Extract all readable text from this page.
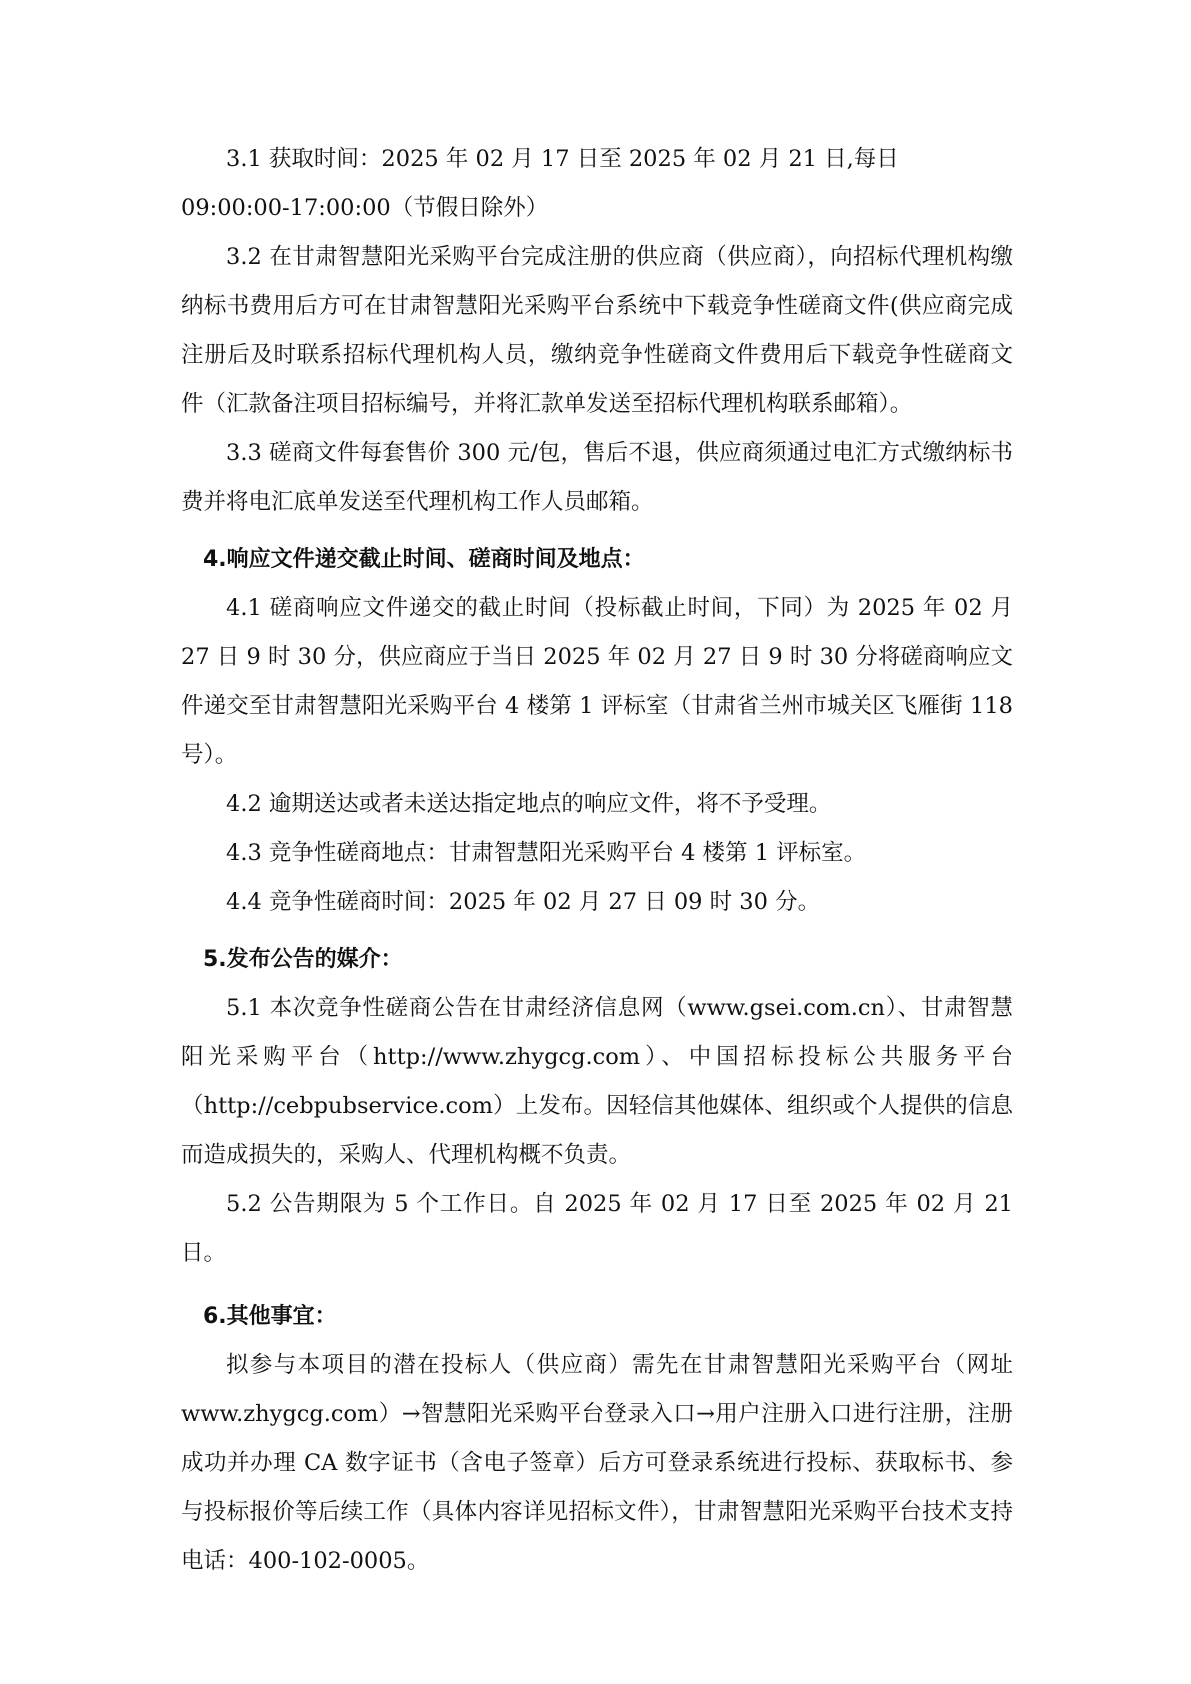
3.1 获取时间：2025 年 02 月 17 日至 2025 年 02 月 21 日,每日

09:00:00-17:00:00（节假日除外）

3.2 在甘肃智慧阳光采购平台完成注册的供应商（供应商），向招标代理机构缴纳标书费用后方可在甘肃智慧阳光采购平台系统中下载竞争性磋商文件(供应商完成注册后及时联系招标代理机构人员，缴纳竞争性磋商文件费用后下载竞争性磋商文件（汇款备注项目招标编号，并将汇款单发送至招标代理机构联系邮箱）。

3.3 磋商文件每套售价 300 元/包，售后不退，供应商须通过电汇方式缴纳标书费并将电汇底单发送至代理机构工作人员邮箱。

4.响应文件递交截止时间、磋商时间及地点：

4.1 磋商响应文件递交的截止时间（投标截止时间，下同）为 2025 年 02 月 27 日 9 时 30 分，供应商应于当日 2025 年 02 月 27 日 9 时 30 分将磋商响应文件递交至甘肃智慧阳光采购平台 4 楼第 1 评标室（甘肃省兰州市城关区飞雁街 118 号）。

4.2 逾期送达或者未送达指定地点的响应文件，将不予受理。

4.3 竞争性磋商地点：甘肃智慧阳光采购平台 4 楼第 1 评标室。

4.4 竞争性磋商时间：2025 年 02 月 27 日 09 时 30 分。

5.发布公告的媒介：

5.1 本次竞争性磋商公告在甘肃经济信息网（www.gsei.com.cn）、甘肃智慧阳光采购平台（http://www.zhygcg.com）、中国招标投标公共服务平台（http://cebpubservice.com）上发布。因轻信其他媒体、组织或个人提供的信息而造成损失的，采购人、代理机构概不负责。

5.2 公告期限为 5 个工作日。自 2025 年 02 月 17 日至 2025 年 02 月 21 日。

6.其他事宜：

拟参与本项目的潜在投标人（供应商）需先在甘肃智慧阳光采购平台（网址 www.zhygcg.com）→智慧阳光采购平台登录入口→用户注册入口进行注册，注册成功并办理 CA 数字证书（含电子签章）后方可登录系统进行投标、获取标书、参与投标报价等后续工作（具体内容详见招标文件），甘肃智慧阳光采购平台技术支持电话：400-102-0005。
